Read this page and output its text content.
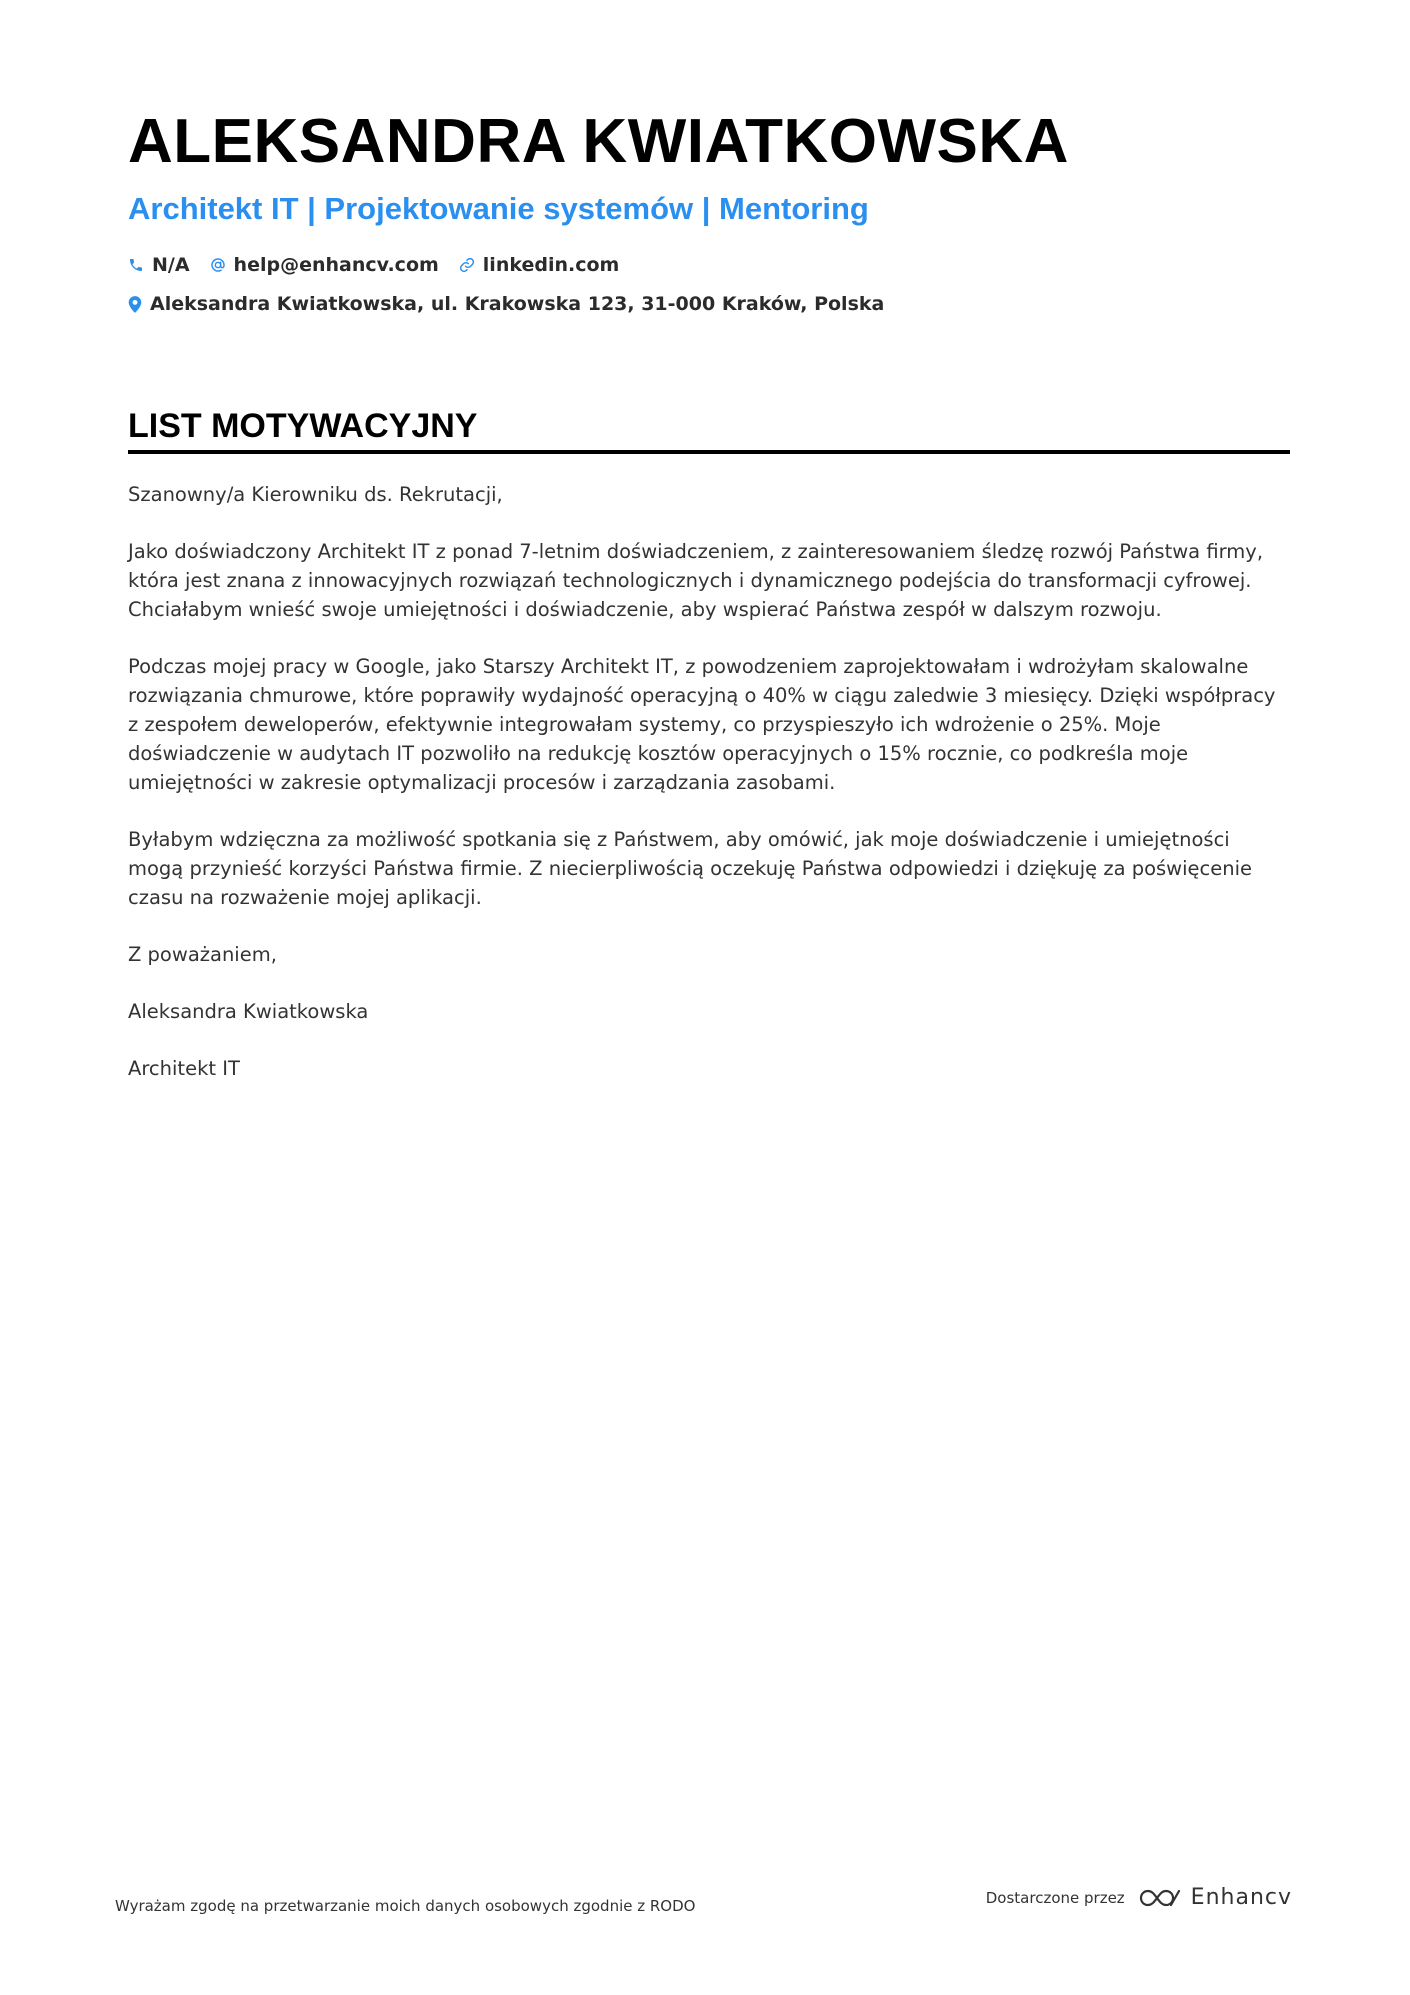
ALEKSANDRA KWIATKOWSKA
Architekt IT | Projektowanie systemów | Mentoring
N/A help@enhancv.com linkedin.com
Aleksandra Kwiatkowska, ul. Krakowska 123, 31-000 Kraków, Polska
LIST MOTYWACYJNY

Szanowny/a Kierowniku ds. Rekrutacji,

Jako doświadczony Architekt IT z ponad 7-letnim doświadczeniem, z zainteresowaniem śledzę rozwój Państwa firmy, która jest znana z innowacyjnych rozwiązań technologicznych i dynamicznego podejścia do transformacji cyfrowej. Chciałabym wnieść swoje umiejętności i doświadczenie, aby wspierać Państwa zespół w dalszym rozwoju.

Podczas mojej pracy w Google, jako Starszy Architekt IT, z powodzeniem zaprojektowałam i wdrożyłam skalowalne rozwiązania chmurowe, które poprawiły wydajność operacyjną o 40% w ciągu zaledwie 3 miesięcy. Dzięki współpracy z zespołem deweloperów, efektywnie integrowałam systemy, co przyspieszyło ich wdrożenie o 25%. Moje doświadczenie w audytach IT pozwoliło na redukcję kosztów operacyjnych o 15% rocznie, co podkreśla moje umiejętności w zakresie optymalizacji procesów i zarządzania zasobami.

Byłabym wdzięczna za możliwość spotkania się z Państwem, aby omówić, jak moje doświadczenie i umiejętności mogą przynieść korzyści Państwa firmie. Z niecierpliwością oczekuję Państwa odpowiedzi i dziękuję za poświęcenie czasu na rozważenie mojej aplikacji.

Z poważaniem,

Aleksandra Kwiatkowska

Architekt IT

Wyrażam zgodę na przetwarzanie moich danych osobowych zgodnie z RODO	Dostarczone przez	Enhancv
